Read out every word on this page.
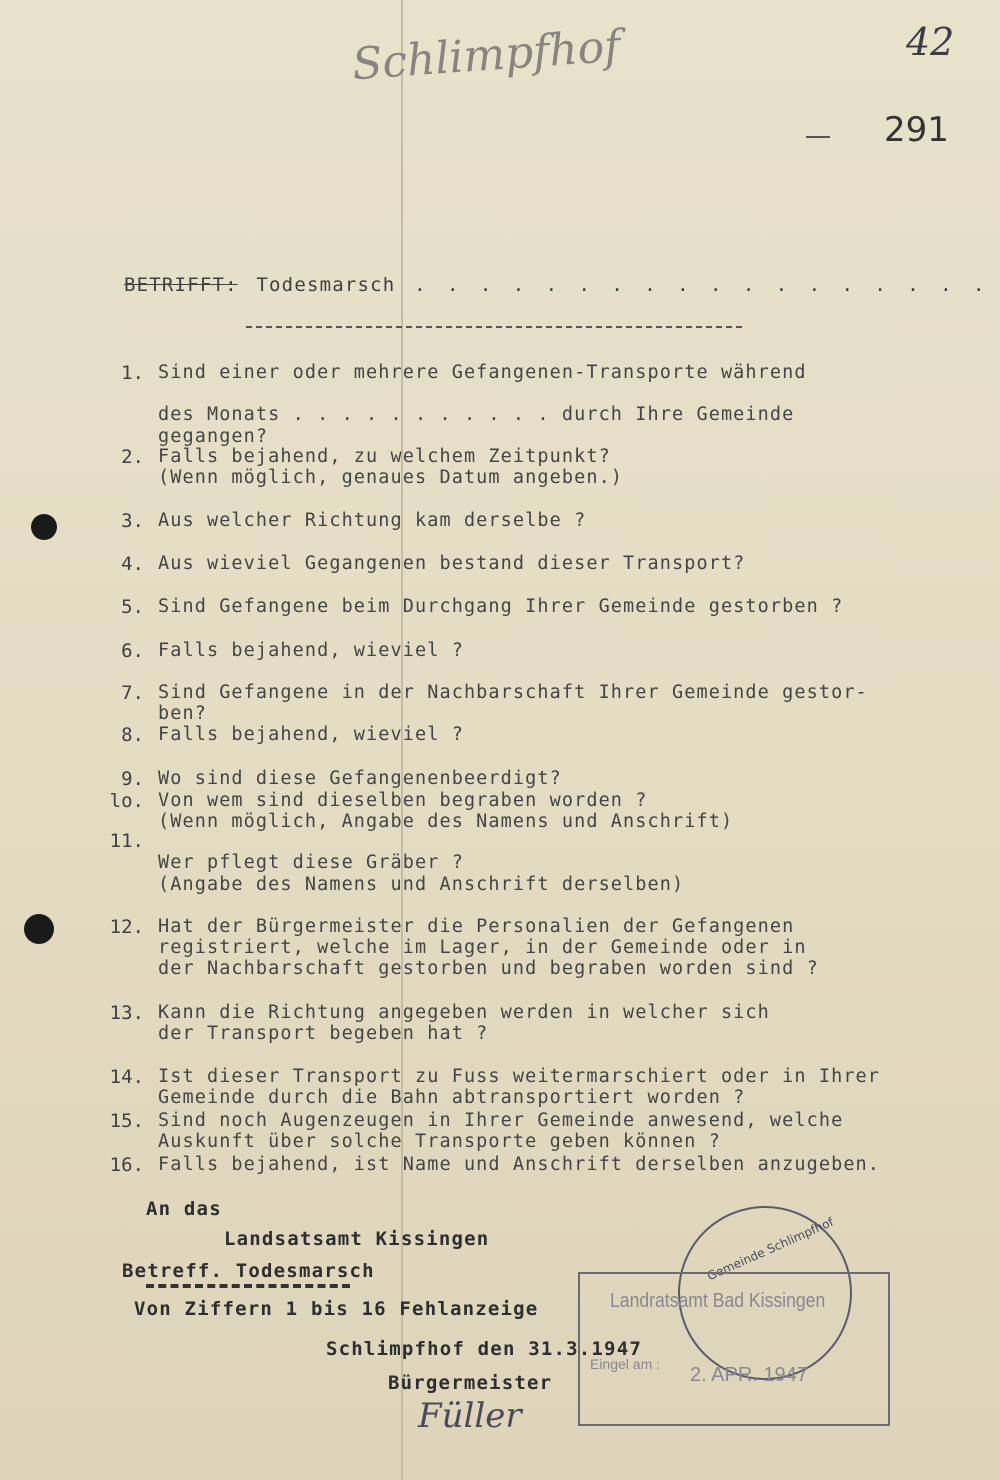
Schlimpfhof	42
291
BETRIFFT: Todesmarsch . . . . . . . . . . . . . . . . . .
1. Sind einer oder mehrere Gefangenen-Transporte während
des Monats . . . . . . . . . . . durch Ihre Gemeinde
gegangen?
2. Falls bejahend, zu welchem Zeitpunkt?
(Wenn möglich, genaues Datum angeben.)
3. Aus welcher Richtung kam derselbe ?
4. Aus wieviel Gegangenen bestand dieser Transport?
5. Sind Gefangene beim Durchgang Ihrer Gemeinde gestorben ?
6. Falls bejahend, wieviel ?
7. Sind Gefangene in der Nachbarschaft Ihrer Gemeinde gestor-
ben?
8. Falls bejahend, wieviel ?
9. Wo sind diese Gefangenenbeerdigt?
lo. Von wem sind dieselben begraben worden ?
(Wenn möglich, Angabe des Namens und Anschrift)
11.
Wer pflegt diese Gräber ?
(Angabe des Namens und Anschrift derselben)
12. Hat der Bürgermeister die Personalien der Gefangenen
registriert, welche im Lager, in der Gemeinde oder in
der Nachbarschaft gestorben und begraben worden sind ?
13. Kann die Richtung angegeben werden in welcher sich
der Transport begeben hat ?
14. Ist dieser Transport zu Fuss weitermarschiert oder in Ihrer
Gemeinde durch die Bahn abtransportiert worden ?
15. Sind noch Augenzeugen in Ihrer Gemeinde anwesend, welche
Auskunft über solche Transporte geben können ?
16. Falls bejahend, ist Name und Anschrift derselben anzugeben.
An das
Landsatsamt Kissingen
Betreff. Todesmarsch
Von Ziffern 1 bis 16 Fehlanzeige
Schlimpfhof den 31.3.1947
Bürgermeister
Füller
Gemeinde Schlimpfhof
Landratsamt Bad Kissingen
Eingel am : 2. APR. 1947
